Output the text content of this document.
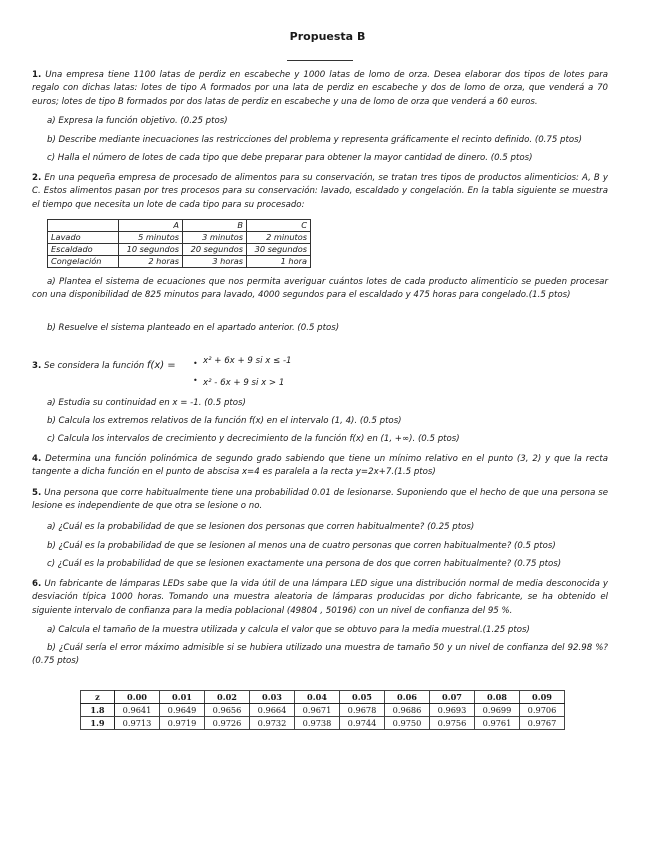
Propuesta B

1. Una empresa tiene 1100 latas de perdiz en escabeche y 1000 latas de lomo de orza. Desea elaborar dos tipos de lotes para regalo con dichas latas: lotes de tipo A formados por una lata de perdiz en escabeche y dos de lomo de orza, que venderá a 70 euros; lotes de tipo B formados por dos latas de perdiz en escabeche y una de lomo de orza que venderá a 60 euros.

a) Expresa la función objetivo. (0.25 ptos)

b) Describe mediante inecuaciones las restricciones del problema y representa gráficamente el recinto definido. (0.75 ptos)

c) Halla el número de lotes de cada tipo que debe preparar para obtener la mayor cantidad de dinero. (0.5 ptos)

2. En una pequeña empresa de procesado de alimentos para su conservación, se tratan tres tipos de productos alimenticios: A, B y C. Estos alimentos pasan por tres procesos para su conservación: lavado, escaldado y congelación. En la tabla siguiente se muestra el tiempo que necesita un lote de cada tipo para su procesado:

	A	B	C
Lavado	5 minutos	3 minutos	2 minutos
Escaldado	10 segundos	20 segundos	30 segundos
Congelación	2 horas	3 horas	1 hora

a) Plantea el sistema de ecuaciones que nos permita averiguar cuántos lotes de cada producto alimenticio se pueden procesar con una disponibilidad de 825 minutos para lavado, 4000 segundos para el escaldado y 475 horas para congelado.(1.5 ptos)

b) Resuelve el sistema planteado en el apartado anterior. (0.5 ptos)

3. Se considera la función f(x) = •
•
x² + 6x + 9 si x ≤ -1
x² - 6x + 9 si x > 1

a) Estudia su continuidad en x = -1. (0.5 ptos)

b) Calcula los extremos relativos de la función f(x) en el intervalo (1, 4). (0.5 ptos)

c) Calcula los intervalos de crecimiento y decrecimiento de la función f(x) en (1, +∞). (0.5 ptos)

4. Determina una función polinómica de segundo grado sabiendo que tiene un mínimo relativo en el punto (3, 2) y que la recta tangente a dicha función en el punto de abscisa x=4 es paralela a la recta y=2x+7.(1.5 ptos)

5. Una persona que corre habitualmente tiene una probabilidad 0.01 de lesionarse. Suponiendo que el hecho de que una persona se lesione es independiente de que otra se lesione o no.

a) ¿Cuál es la probabilidad de que se lesionen dos personas que corren habitualmente? (0.25 ptos)

b) ¿Cuál es la probabilidad de que se lesionen al menos una de cuatro personas que corren habitualmente? (0.5 ptos)

c) ¿Cuál es la probabilidad de que se lesionen exactamente una persona de dos que corren habitualmente? (0.75 ptos)

6. Un fabricante de lámparas LEDs sabe que la vida útil de una lámpara LED sigue una distribución normal de media desconocida y desviación típica 1000 horas. Tomando una muestra aleatoria de lámparas producidas por dicho fabricante, se ha obtenido el siguiente intervalo de confianza para la media poblacional (49804 , 50196) con un nivel de confianza del 95 %.

a) Calcula el tamaño de la muestra utilizada y calcula el valor que se obtuvo para la media muestral.(1.25 ptos)

b) ¿Cuál sería el error máximo admisible si se hubiera utilizado una muestra de tamaño 50 y un nivel de confianza del 92.98 %? (0.75 ptos)

z	0.00	0.01	0.02	0.03	0.04	0.05	0.06	0.07	0.08	0.09
1.8	0.9641	0.9649	0.9656	0.9664	0.9671	0.9678	0.9686	0.9693	0.9699	0.9706
1.9	0.9713	0.9719	0.9726	0.9732	0.9738	0.9744	0.9750	0.9756	0.9761	0.9767
